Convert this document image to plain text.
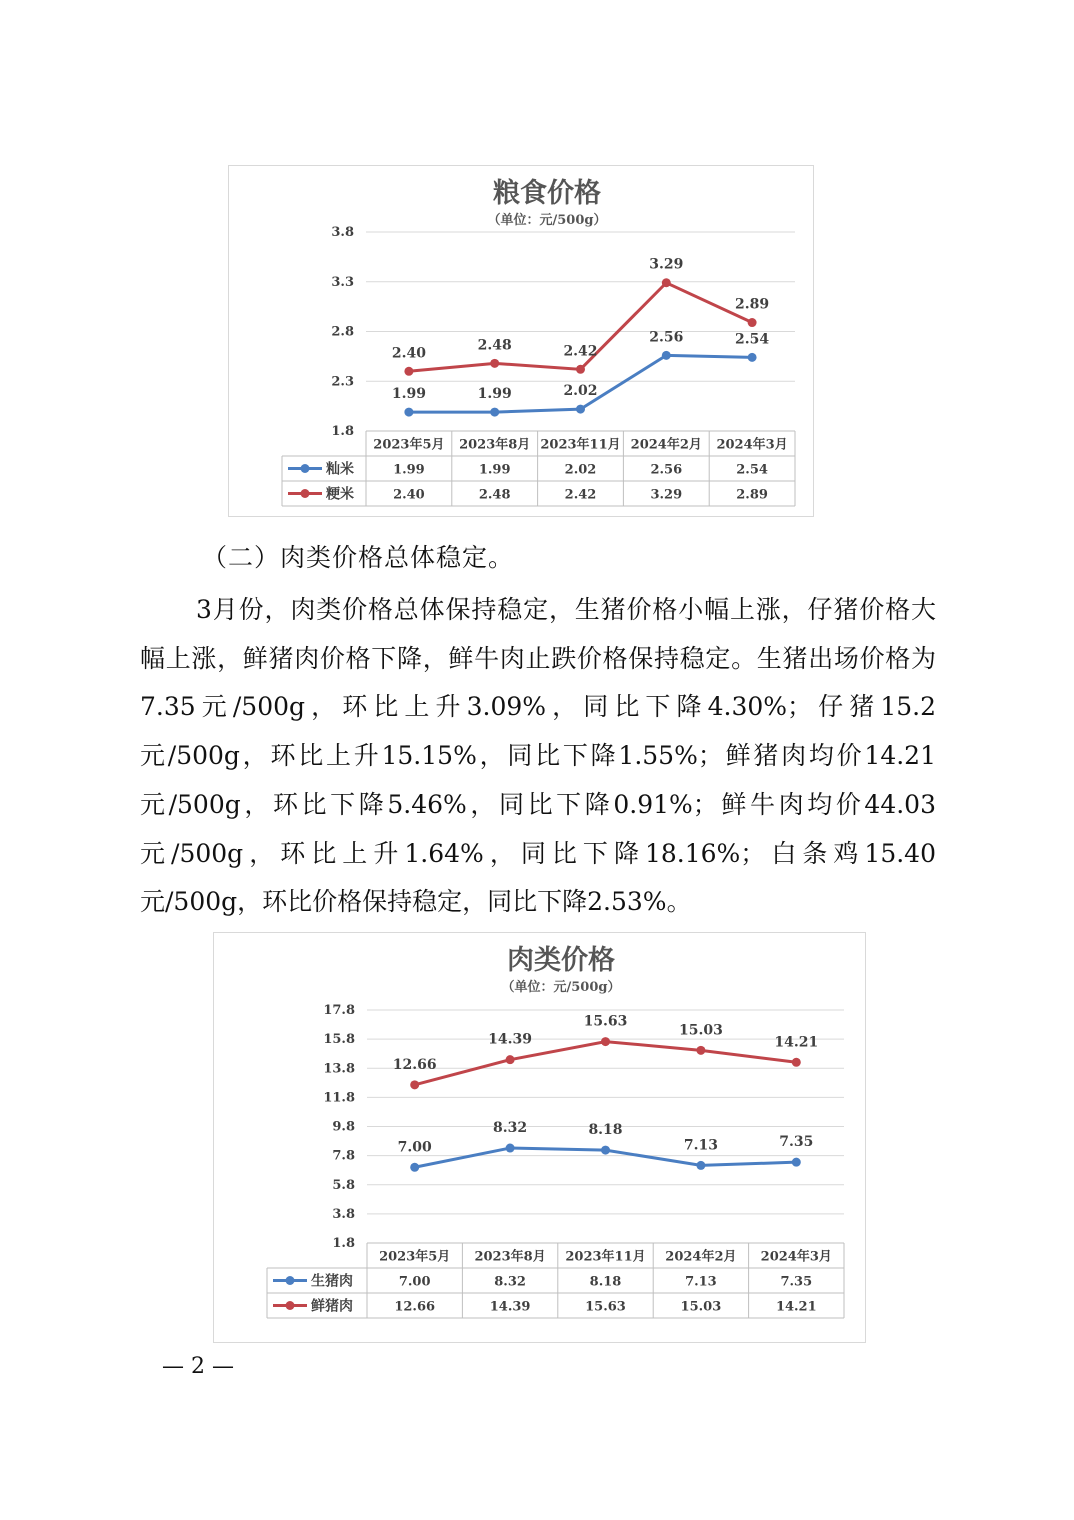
粮食价格
（单位：元/500g）
3.8
3.3
2.8
2.3
1.8
2023年5月 2023年8月 2023年11月 2024年2月 2024年3月
1.99	1.99	2.02
2.56	2.54
籼米	1.99	1.99	2.02	2.56	2.54
2.40	2.48	2.42
3.29
2.89
粳米	2.40	2.48	2.42	3.29	2.89
（二）肉类价格总体稳定。

3月份，肉类价格总体保持稳定，生猪价格小幅上涨，仔猪价格大幅上涨，鲜猪肉价格下降，鲜牛肉止跌价格保持稳定。生猪出场价格为7.35元/500g，环比上升3.09%，同比下降4.30%；仔猪15.2元/500g，环比上升15.15%，同比下降1.55%；鲜猪肉均价14.21元/500g，环比下降5.46%，同比下降0.91%；鲜牛肉均价44.03元/500g，环比上升1.64%，同比下降18.16%；白条鸡15.40元/500g，环比价格保持稳定，同比下降2.53%。

肉类价格
（单位：元/500g）
17.8
15.8
13.8
11.8
9.8
7.8
5.8
3.8
1.8
2023年5月 2023年8月 2023年11月 2024年2月 2024年3月
7.00
8.32	8.18
7.13	7.35
生猪肉	7.00	8.32	8.18	7.13	7.35
12.66
14.39
15.63
15.03
14.21
鲜猪肉	12.66	14.39	15.63	15.03	14.21
— 2 —
